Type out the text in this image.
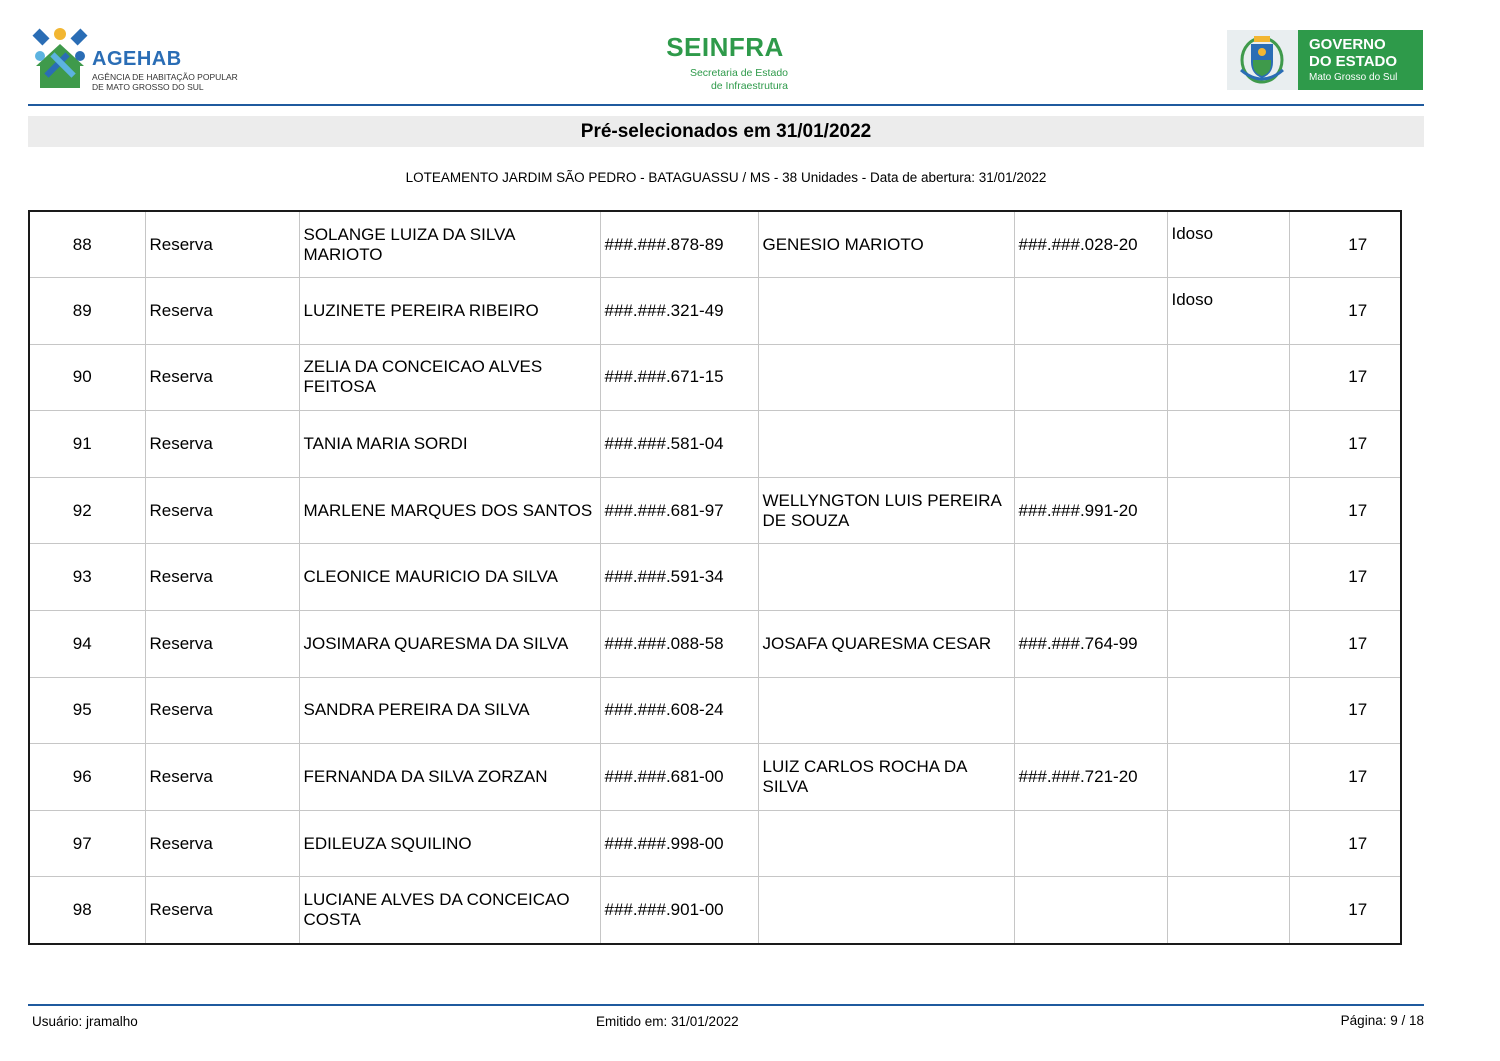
AGEHAB
AGÊNCIA DE HABITAÇÃO POPULAR
DE MATO GROSSO DO SUL
SEINFRA
Secretaria de Estado
de Infraestrutura
GOVERNO
DO ESTADO
Mato Grosso do Sul
Pré-selecionados em 31/01/2022
LOTEAMENTO JARDIM SÃO PEDRO - BATAGUASSU / MS - 38 Unidades - Data de abertura: 31/01/2022
88	Reserva	SOLANGE LUIZA DA SILVA MARIOTO	###.###.878-89	GENESIO MARIOTO	###.###.028-20	Idoso	17
89	Reserva	LUZINETE PEREIRA RIBEIRO	###.###.321-49			Idoso	17
90	Reserva	ZELIA DA CONCEICAO ALVES FEITOSA	###.###.671-15				17
91	Reserva	TANIA MARIA SORDI	###.###.581-04				17
92	Reserva	MARLENE MARQUES DOS SANTOS	###.###.681-97	WELLYNGTON LUIS PEREIRA DE SOUZA	###.###.991-20		17
93	Reserva	CLEONICE MAURICIO DA SILVA	###.###.591-34				17
94	Reserva	JOSIMARA QUARESMA DA SILVA	###.###.088-58	JOSAFA QUARESMA CESAR	###.###.764-99		17
95	Reserva	SANDRA PEREIRA DA SILVA	###.###.608-24				17
96	Reserva	FERNANDA DA SILVA ZORZAN	###.###.681-00	LUIZ CARLOS ROCHA DA SILVA	###.###.721-20		17
97	Reserva	EDILEUZA SQUILINO	###.###.998-00				17
98	Reserva	LUCIANE ALVES DA CONCEICAO COSTA	###.###.901-00				17
Usuário: jramalho	Emitido em: 31/01/2022	Página: 9 / 18
